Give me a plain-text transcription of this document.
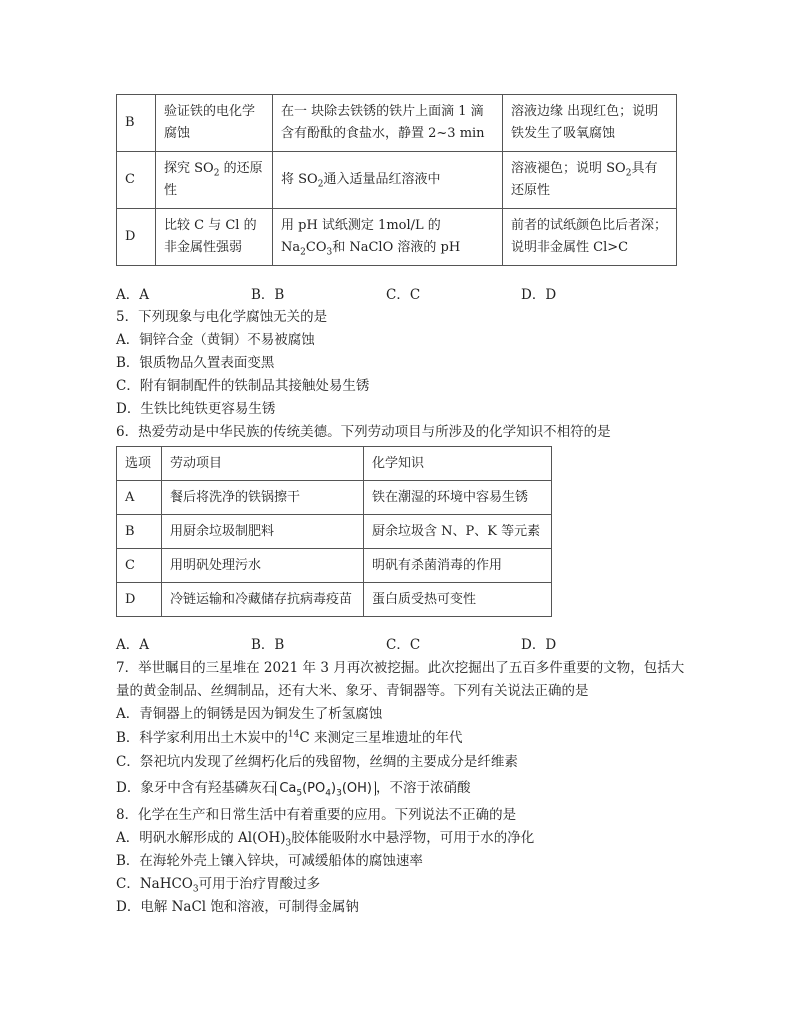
B	验证铁的电化学腐蚀	在一 块除去铁锈的铁片上面滴 1 滴含有酚酞的食盐水，静置 2~3 min	溶液边缘 出现红色；说明铁发生了吸氧腐蚀
C	探究 $SO_2$ 的还原性	将 $SO_2$通入适量品红溶液中	溶液褪色；说明 $SO_2$具有还原性
D	比较 C 与 Cl 的非金属性强弱	用 pH 试纸测定 1mol/L 的 $Na_2CO_3$和 NaClO 溶液的 pH	前者的试纸颜色比后者深；说明非金属性 Cl>C
A．A	B．B	C．C	D．D
5．下列现象与电化学腐蚀无关的是
A．铜锌合金（黄铜）不易被腐蚀
B．银质物品久置表面变黑
C．附有铜制配件的铁制品其接触处易生锈
D．生铁比纯铁更容易生锈
6．热爱劳动是中华民族的传统美德。下列劳动项目与所涉及的化学知识不相符的是
选项	劳动项目	化学知识
A	餐后将洗净的铁锅擦干	铁在潮湿的环境中容易生锈
B	用厨余垃圾制肥料	厨余垃圾含 N、P、K 等元素
C	用明矾处理污水	明矾有杀菌消毒的作用
D	冷链运输和冷藏储存抗病毒疫苗	蛋白质受热可变性
A．A	B．B	C．C	D．D
7．举世瞩目的三星堆在 2021 年 3 月再次被挖掘。此次挖掘出了五百多件重要的文物，包括大
量的黄金制品、丝绸制品，还有大米、象牙、青铜器等。下列有关说法正确的是
A．青铜器上的铜锈是因为铜发生了析氢腐蚀
B．科学家利用出土木炭中的$^{14}$C 来测定三星堆遗址的年代
C．祭祀坑内发现了丝绸朽化后的残留物，丝绸的主要成分是纤维素
D．象牙中含有羟基磷灰石 $Ca_5(PO_4)_3(OH)$ ，不溶于浓硝酸
8．化学在生产和日常生活中有着重要的应用。下列说法不正确的是
A．明矾水解形成的 $Al(OH)_3$胶体能吸附水中悬浮物，可用于水的净化
B．在海轮外壳上镶入锌块，可减缓船体的腐蚀速率
C．NaHCO$_3$可用于治疗胃酸过多
D．电解 NaCl 饱和溶液，可制得金属钠
